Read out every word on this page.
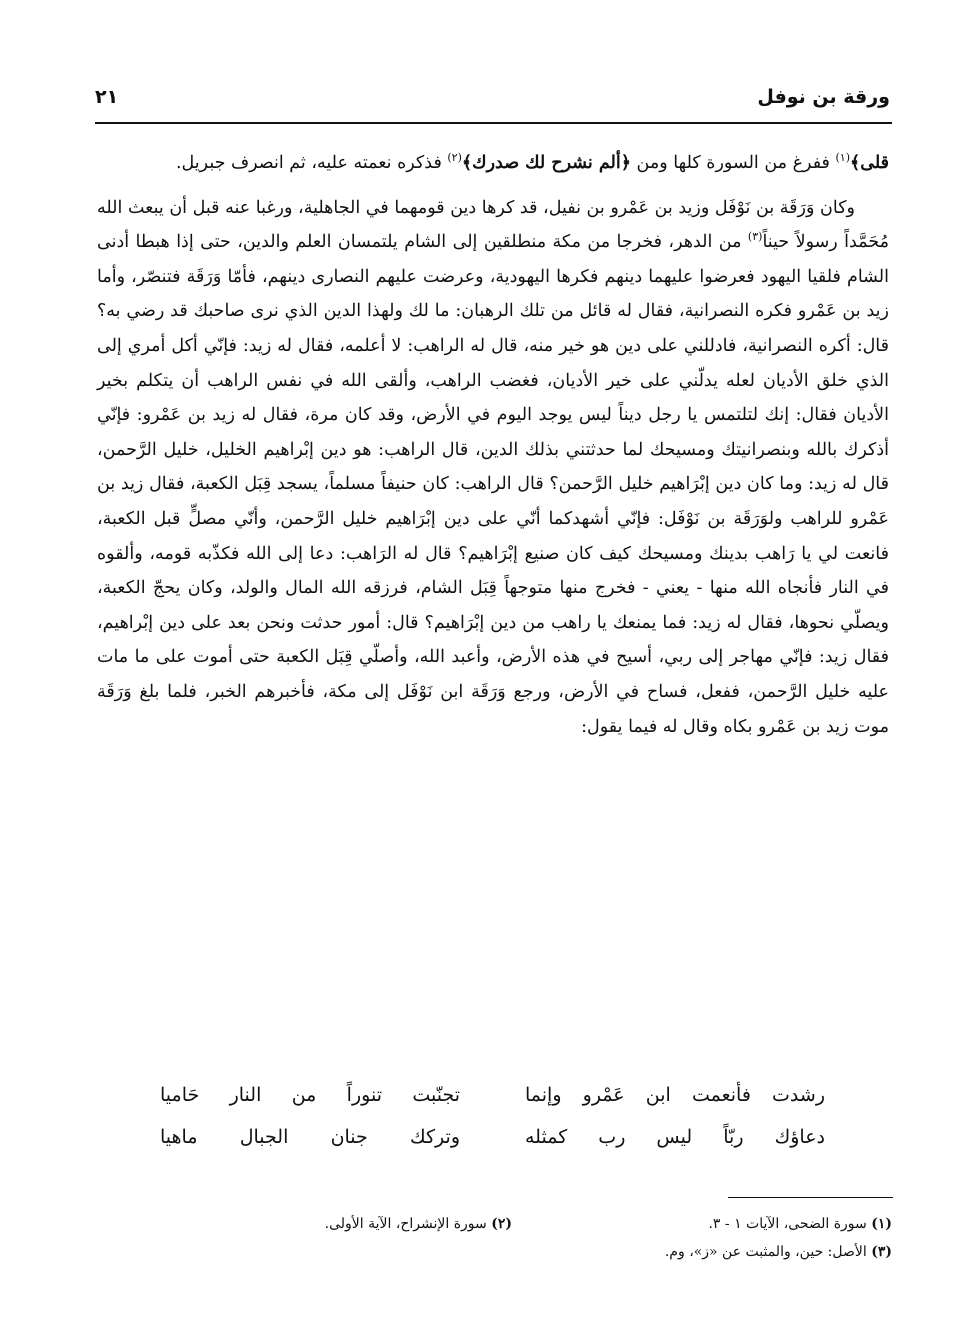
ورقة بن نوفل
٢١

قلى﴾$^{(١)}$ ففرغ من السورة كلها ومن ﴿ألم نشرح لك صدرك﴾$^{(٢)}$ فذكره نعمته عليه، ثم انصرف جبريل.

وكان وَرَقَة بن نَوْفَل وزيد بن عَمْرو بن نفيل، قد كرها دين قومهما في الجاهلية، ورغبا عنه قبل أن يبعث الله مُحَمَّداً رسولاً حيناً$^{(٣)}$ من الدهر، فخرجا من مكة منطلقين إلى الشام يلتمسان العلم والدين، حتى إذا هبطا أدنى الشام فلقيا اليهود فعرضوا عليهما دينهم فكرها اليهودية، وعرضت عليهم النصارى دينهم، فأمّا وَرَقَة فتنصّر، وأما زيد بن عَمْرو فكره النصرانية، فقال له قائل من تلك الرهبان: ما لك ولهذا الدين الذي نرى صاحبك قد رضي به؟ قال: أكره النصرانية، فادللني على دين هو خير منه، قال له الراهب: لا أعلمه، فقال له زيد: فإنّي أكل أمري إلى الذي خلق الأديان لعله يدلّني على خير الأديان، فغضب الراهب، وألقى الله في نفس الراهب أن يتكلم بخير الأديان فقال: إنك لتلتمس يا رجل ديناً ليس يوجد اليوم في الأرض، وقد كان مرة، فقال له زيد بن عَمْرو: فإنّي أذكرك بالله وبنصرانيتك ومسيحك لما حدثتني بذلك الدين، قال الراهب: هو دين إبْراهيم الخليل، خليل الرَّحمن، قال له زيد: وما كان دين إبْرَاهيم خليل الرَّحمن؟ قال الراهب: كان حنيفاً مسلماً، يسجد قِبَل الكعبة، فقال زيد بن عَمْرو للراهب ولوَرَقَة بن نَوْفَل: فإنّي أشهدكما أنّي على دين إبْرَاهيم خليل الرَّحمن، وأنّي مصلٍّ قبل الكعبة، فانعت لي يا رَاهب بدينك ومسيحك كيف كان صنيع إبْرَاهيم؟ قال له الرَاهب: دعا إلى الله فكذّبه قومه، وألقوه في النار فأنجاه الله منها - يعني - فخرج منها متوجهاً قِبَل الشام، فرزقه الله المال والولد، وكان يحجّ الكعبة، ويصلّي نحوها، فقال له زيد: فما يمنعك يا راهب من دين إبْرَاهيم؟ قال: أمور حدثت ونحن بعد على دين إبْراهيم، فقال زيد: فإنّي مهاجر إلى ربي، أسيح في هذه الأرض، وأعبد الله، وأصلّي قِبَل الكعبة حتى أموت على ما مات عليه خليل الرَّحمن، ففعل، فساح في الأرض، ورجع وَرَقَة ابن نَوْفَل إلى مكة، فأخبرهم الخبر، فلما بلغ وَرَقَة موت زيد بن عَمْرو بكاه وقال له فيما يقول:

رشدت فأنعمت ابن عَمْرو وإنما
تجنّبت تنوراً من النار حَاميا
دعاؤك ربّاً ليس رب كمثله
وتركك جنان الجبال ماهيا
(١) سورة الضحى، الآيات ١ - ٣.
(٢) سورة الإنشراح، الآية الأولى.
(٣) الأصل: حين، والمثبت عن «ز»، وم.
